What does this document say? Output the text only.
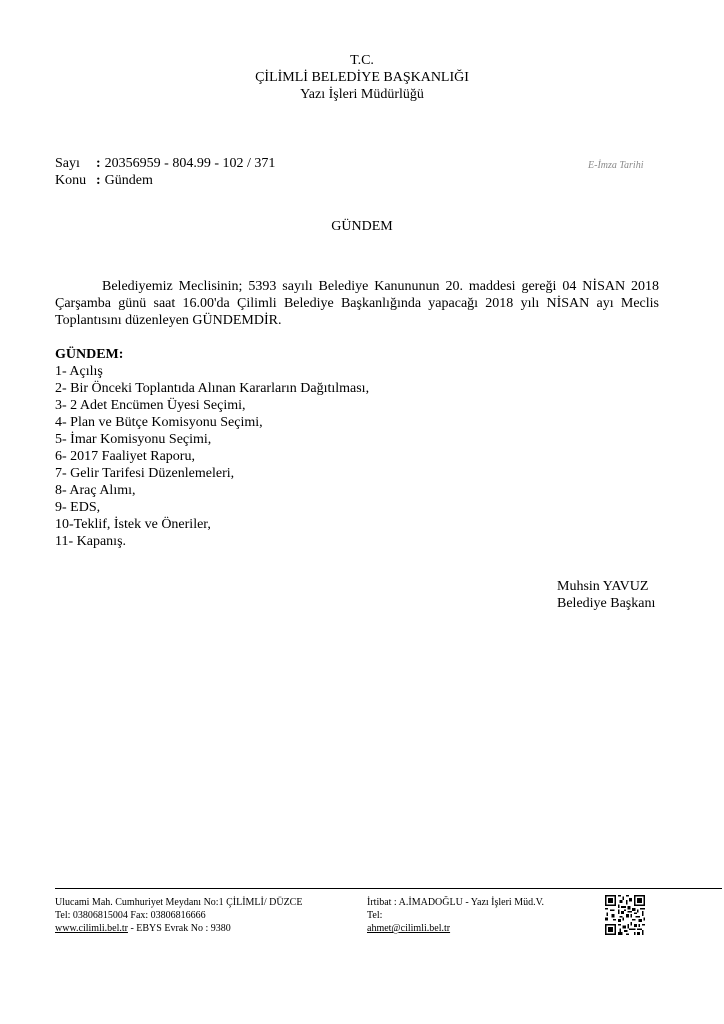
T.C.
ÇİLİMLİ BELEDİYE BAŞKANLIĞI
Yazı İşleri Müdürlüğü
Sayı	: 20356959 - 804.99 - 102 / 371
Konu : Gündem
E-İmza Tarihi
GÜNDEM
Belediyemiz Meclisinin; 5393 sayılı Belediye Kanununun 20. maddesi gereği 04 NİSAN 2018 Çarşamba günü saat 16.00'da Çilimli Belediye Başkanlığında yapacağı 2018 yılı NİSAN ayı Meclis Toplantısını düzenleyen GÜNDEMDİR.
GÜNDEM:
1- Açılış
2- Bir Önceki Toplantıda Alınan Kararların Dağıtılması,
3- 2 Adet Encümen Üyesi Seçimi,
4- Plan ve Bütçe Komisyonu Seçimi,
5- İmar Komisyonu Seçimi,
6- 2017 Faaliyet Raporu,
7- Gelir Tarifesi Düzenlemeleri,
8- Araç Alımı,
9- EDS,
10-Teklif, İstek ve Öneriler,
11- Kapanış.
Muhsin YAVUZ
Belediye Başkanı
Ulucami Mah. Cumhuriyet Meydanı No:1 ÇİLİMLİ/ DÜZCE
Tel: 03806815004 Fax: 03806816666
www.cilimli.bel.tr - EBYS Evrak No : 9380
İrtibat : A.İMADOĞLU - Yazı İşleri Müd.V.
Tel:
ahmet@cilimli.bel.tr
